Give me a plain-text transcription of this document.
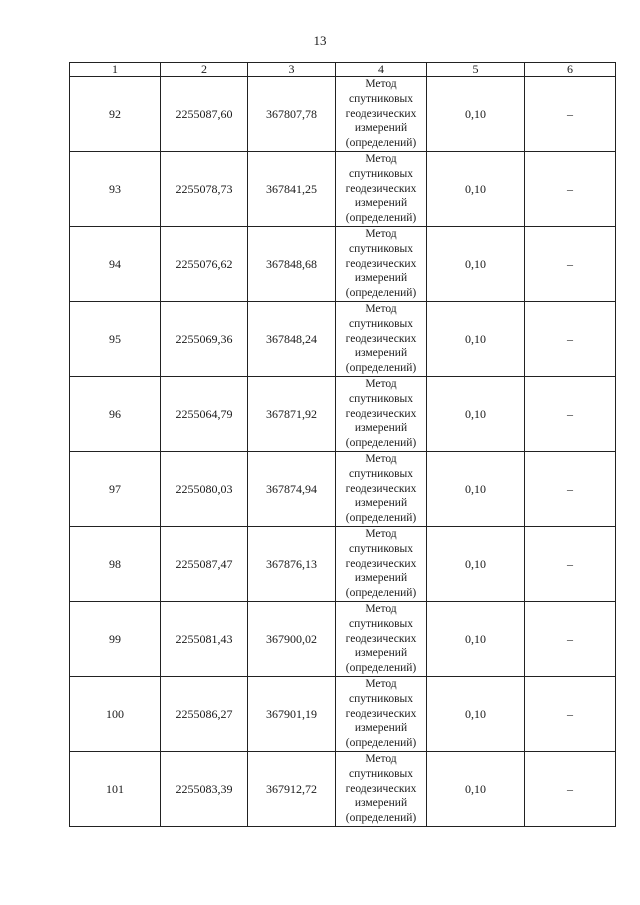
13
1	2	3	4	5	6
92	2255087,60	367807,78	Метод
спутниковых
геодезических
измерений
(определений)	0,10	–
93	2255078,73	367841,25	Метод
спутниковых
геодезических
измерений
(определений)	0,10	–
94	2255076,62	367848,68	Метод
спутниковых
геодезических
измерений
(определений)	0,10	–
95	2255069,36	367848,24	Метод
спутниковых
геодезических
измерений
(определений)	0,10	–
96	2255064,79	367871,92	Метод
спутниковых
геодезических
измерений
(определений)	0,10	–
97	2255080,03	367874,94	Метод
спутниковых
геодезических
измерений
(определений)	0,10	–
98	2255087,47	367876,13	Метод
спутниковых
геодезических
измерений
(определений)	0,10	–
99	2255081,43	367900,02	Метод
спутниковых
геодезических
измерений
(определений)	0,10	–
100	2255086,27	367901,19	Метод
спутниковых
геодезических
измерений
(определений)	0,10	–
101	2255083,39	367912,72	Метод
спутниковых
геодезических
измерений
(определений)	0,10	–
